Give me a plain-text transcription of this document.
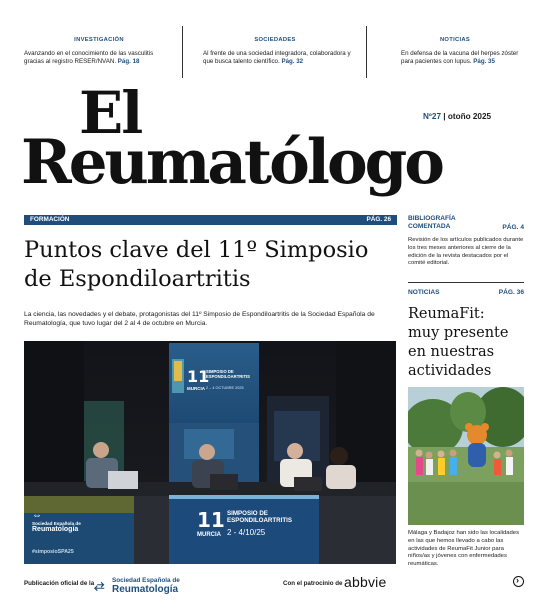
INVESTIGACIÓN
Avanzando en el conocimiento de las vasculitis gracias al registro RESER/NVAN. Pág. 18
SOCIEDADES
Al frente de una sociedad integradora, colaboradora y que busca talento científico. Pág. 32
NOTICIAS
En defensa de la vacuna del herpes zóster para pacientes con lupus. Pág. 35
El
Reumatólogo
Nº27 | otoño 2025
FORMACIÓN	PÁG. 26
Puntos clave del 11º Simposio
de Espondiloartritis
La ciencia, las novedades y el debate, protagonistas del 11º Simposio de Espondiloartritis de la Sociedad Española de Reumatología, que tuvo lugar del 2 al 4 de octubre en Murcia.
11
SIMPOSIO DE ESPONDILOARTRITIS
MURCIA 2 – 4 OCTUBRE 2025
11
MURCIA
SIMPOSIO DE
ESPONDILOARTRITIS
2 - 4/10/25
⇔
Sociedad Española de
Reumatología
#simposioSPA25
BIBLIOGRAFÍA
COMENTADA	PÁG. 4
Revisión de los artículos publicados durante los tres meses anteriores al cierre de la edición de la revista destacados por el comité editorial.
NOTICIAS	PÁG. 36
ReumaFit:
muy presente
en nuestras
actividades
Málaga y Badajoz han sido las localidades en las que hemos llevado a cabo las actividades de ReumaFit Junior para niños/as y jóvenes con enfermedades reumáticas.
Publicación oficial de la ⥄ Sociedad Española de
Reumatología
Con el patrocinio de abbvie	›
